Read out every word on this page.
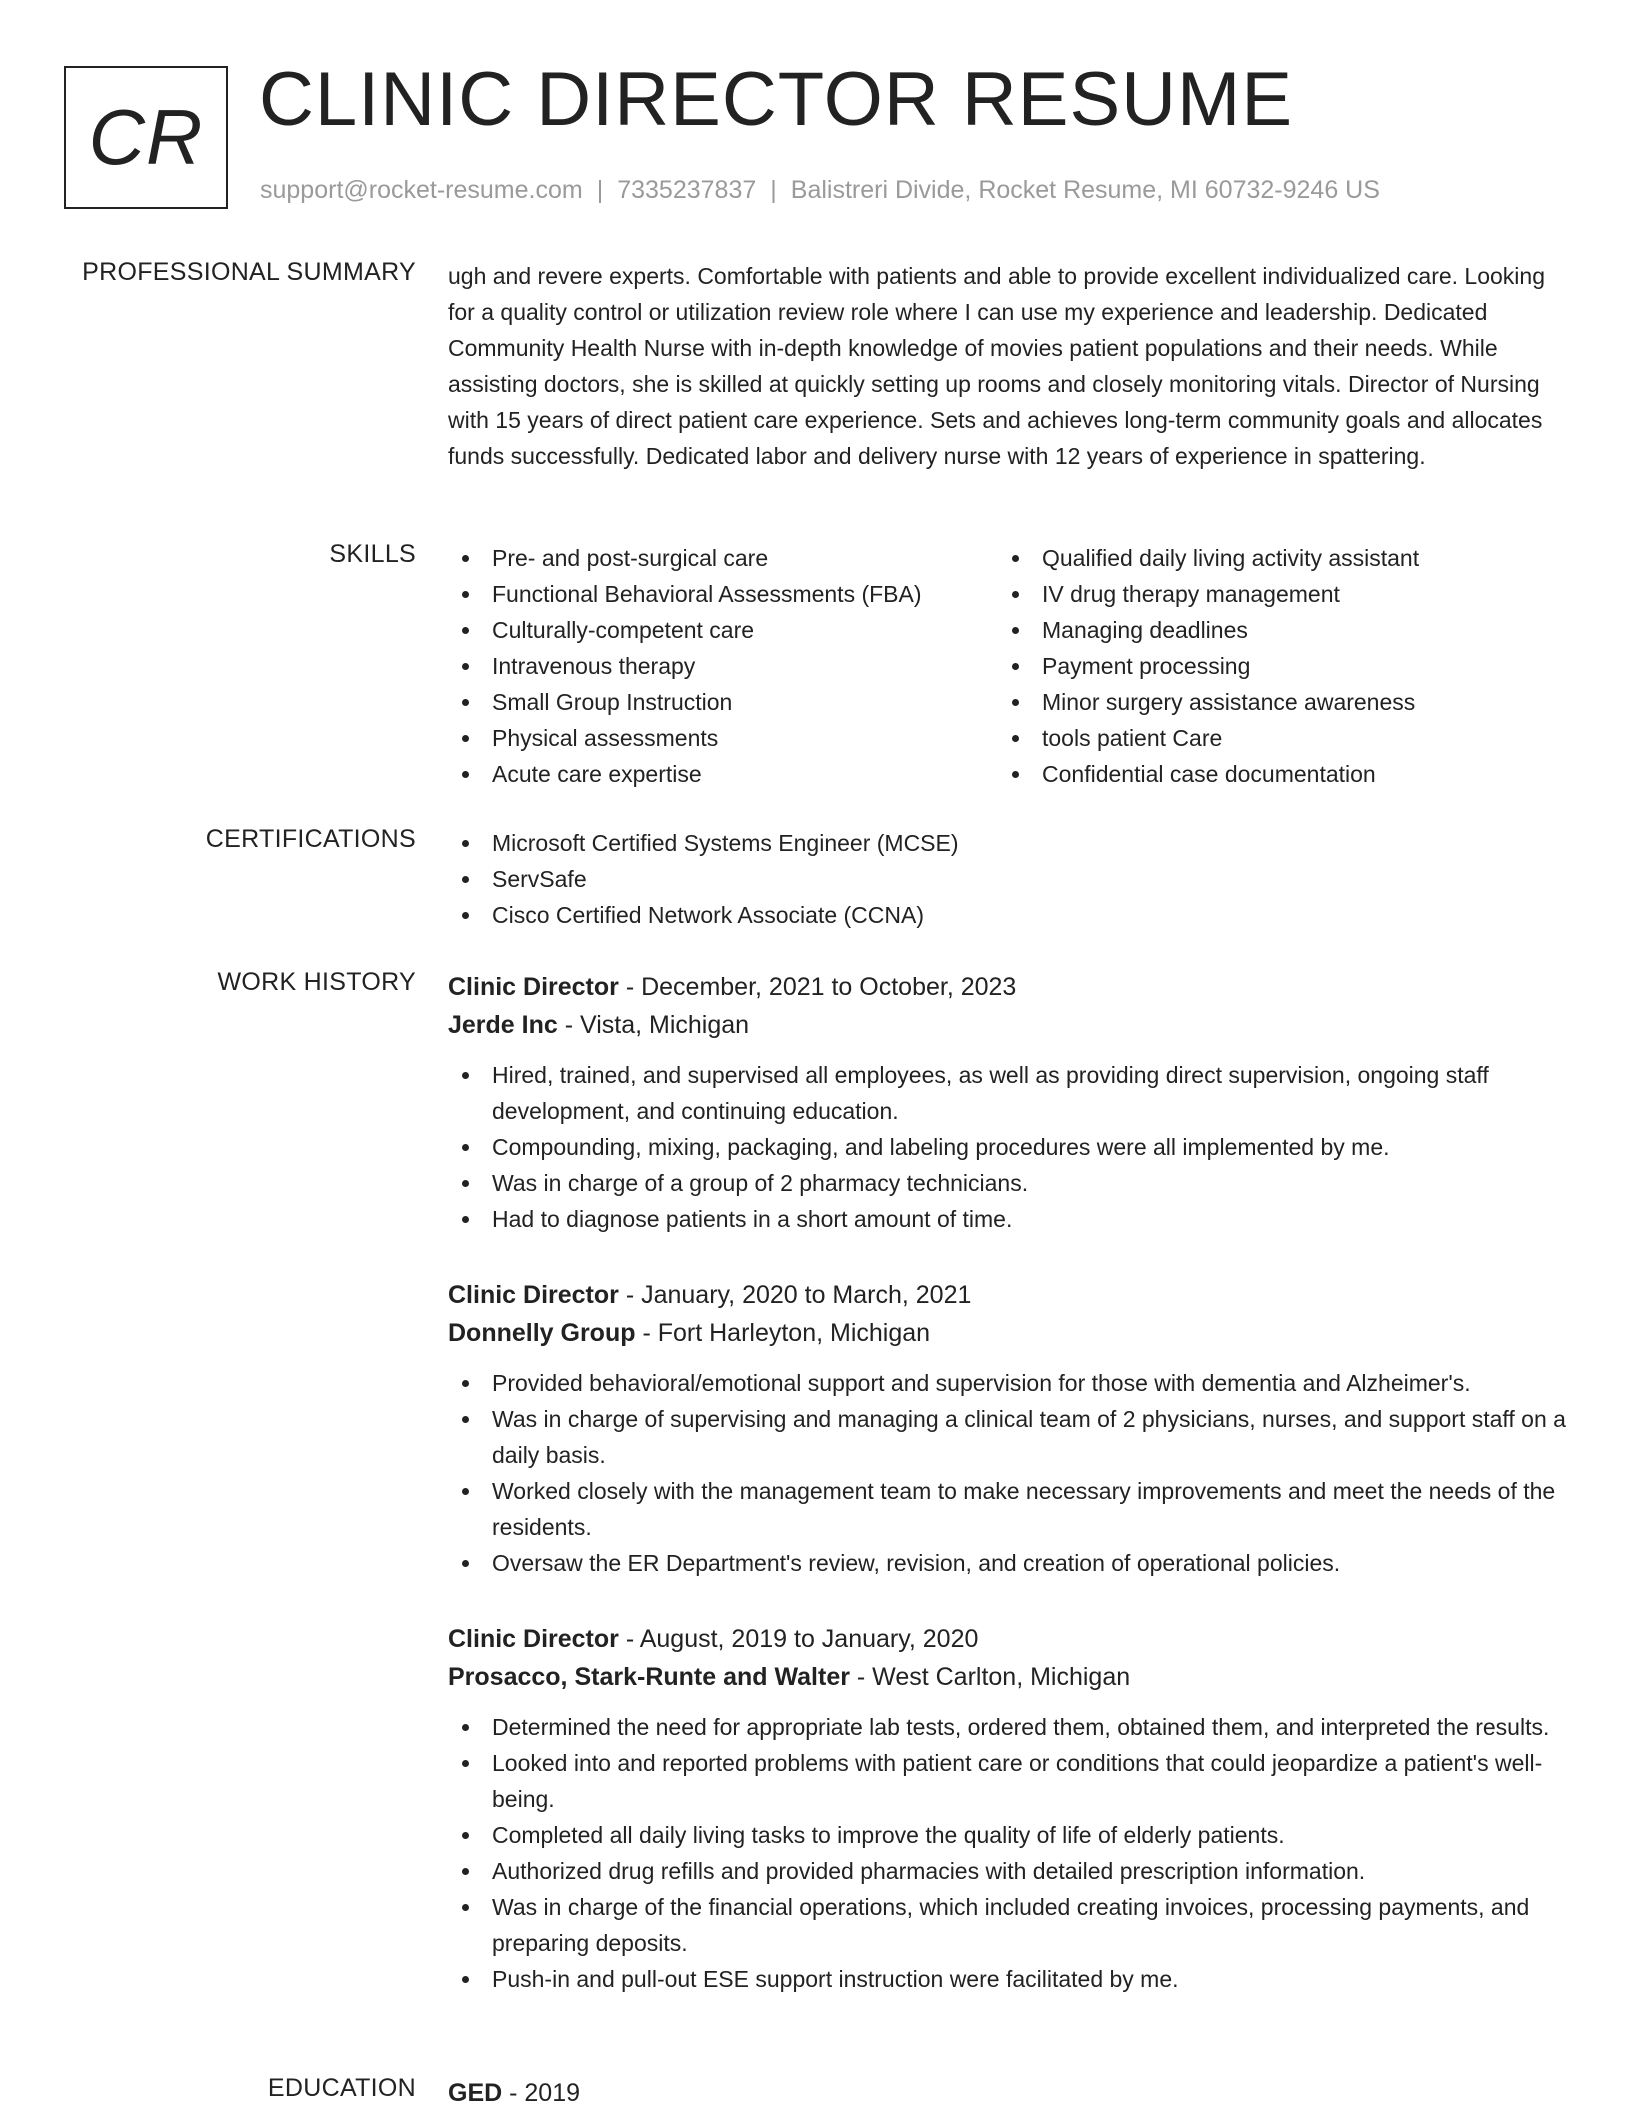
CR CLINIC DIRECTOR RESUME
support@rocket-resume.com | 7335237837 | Balistreri Divide, Rocket Resume, MI 60732-9246 US
PROFESSIONAL SUMMARY ugh and revere experts. Comfortable with patients and able to provide excellent individualized care. Looking for a quality control or utilization review role where I can use my experience and leadership. Dedicated Community Health Nurse with in-depth knowledge of movies patient populations and their needs. While assisting doctors, she is skilled at quickly setting up rooms and closely monitoring vitals. Director of Nursing with 15 years of direct patient care experience. Sets and achieves long-term community goals and allocates funds successfully. Dedicated labor and delivery nurse with 12 years of experience in spattering.

SKILLS	Pre- and post-surgical care
Functional Behavioral Assessments (FBA)
Culturally-competent care
Intravenous therapy
Small Group Instruction
Physical assessments
Acute care expertise
Qualified daily living activity assistant
IV drug therapy management
Managing deadlines
Payment processing
Minor surgery assistance awareness
tools patient Care
Confidential case documentation
CERTIFICATIONS	Microsoft Certified Systems Engineer (MCSE)
ServSafe
Cisco Certified Network Associate (CCNA)
WORK HISTORY Clinic Director - December, 2021 to October, 2023
Jerde Inc - Vista, Michigan
Hired, trained, and supervised all employees, as well as providing direct supervision, ongoing staff development, and continuing education.
Compounding, mixing, packaging, and labeling procedures were all implemented by me.
Was in charge of a group of 2 pharmacy technicians.
Had to diagnose patients in a short amount of time.
Clinic Director - January, 2020 to March, 2021
Donnelly Group - Fort Harleyton, Michigan
Provided behavioral/emotional support and supervision for those with dementia and Alzheimer's.
Was in charge of supervising and managing a clinical team of 2 physicians, nurses, and support staff on a daily basis.
Worked closely with the management team to make necessary improvements and meet the needs of the residents.
Oversaw the ER Department's review, revision, and creation of operational policies.
Clinic Director - August, 2019 to January, 2020
Prosacco, Stark-Runte and Walter - West Carlton, Michigan
Determined the need for appropriate lab tests, ordered them, obtained them, and interpreted the results.
Looked into and reported problems with patient care or conditions that could jeopardize a patient's well-being.
Completed all daily living tasks to improve the quality of life of elderly patients.
Authorized drug refills and provided pharmacies with detailed prescription information.
Was in charge of the financial operations, which included creating invoices, processing payments, and preparing deposits.
Push-in and pull-out ESE support instruction were facilitated by me.
EDUCATION GED - 2019
